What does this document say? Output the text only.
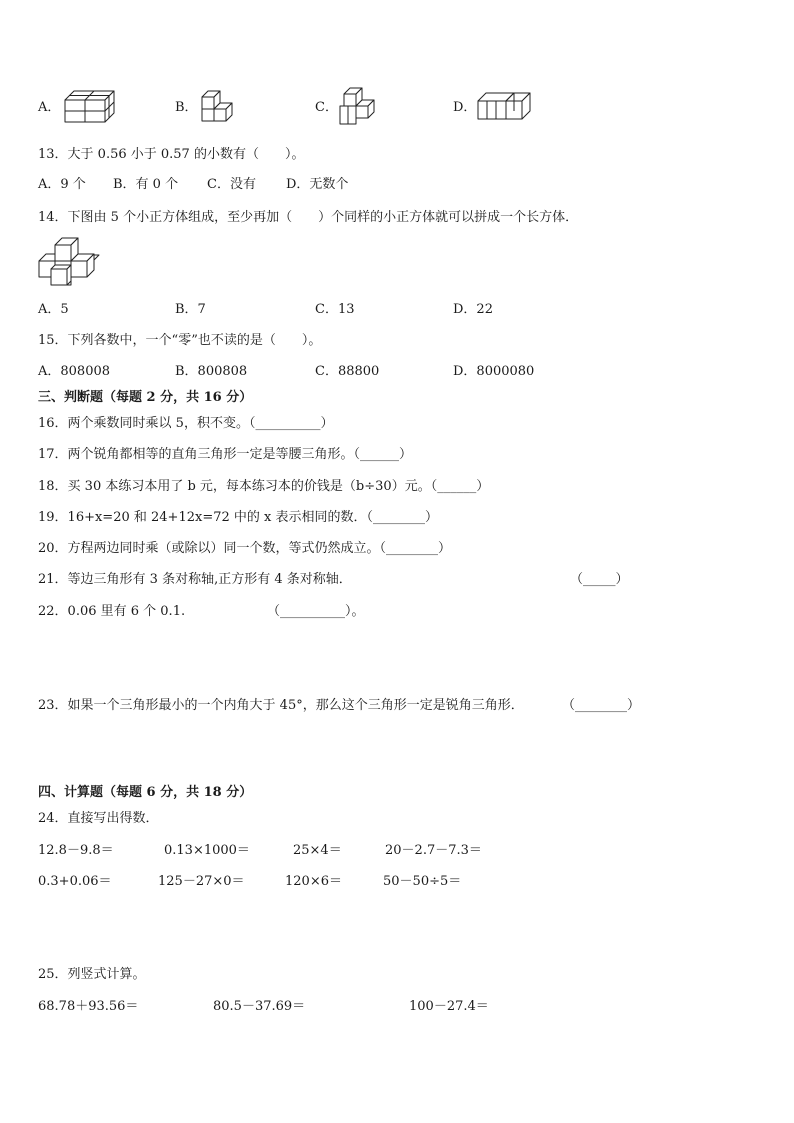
A．	B．	C．	D．
13．大于 0.56 小于 0.57 的小数有（　　）。
A．9 个 B．有 0 个 C．没有 D．无数个
14．下图由 5 个小正方体组成，至少再加（　　）个同样的小正方体就可以拼成一个长方体．
A．5	B．7	C．13	D．22
15．下列各数中，一个“零”也不读的是（　　）。
A．808008	B．800808	C．88800	D．8000080
三、判断题（每题 2 分，共 16 分）
16．两个乘数同时乘以 5，积不变。（__________）
17．两个锐角都相等的直角三角形一定是等腰三角形。（______）
18．买 30 本练习本用了 b 元，每本练习本的价钱是（b÷30）元。（______）
19．16+x=20 和 24+12x=72 中的 x 表示相同的数．（________）
20．方程两边同时乘（或除以）同一个数，等式仍然成立。（________）
21．等边三角形有 3 条对称轴,正方形有 4 条对称轴．	（_____）
22．0.06 里有 6 个 0.1.	（__________）。
23．如果一个三角形最小的一个内角大于 45°，那么这个三角形一定是锐角三角形．	（________）
四、计算题（每题 6 分，共 18 分）
24．直接写出得数．
12.8－9.8＝	0.13×1000＝	25×4＝	20－2.7－7.3＝
0.3+0.06＝	125－27×0＝	120×6＝	50－50÷5＝
25．列竖式计算。
68.78＋93.56＝	80.5－37.69＝	100－27.4＝
